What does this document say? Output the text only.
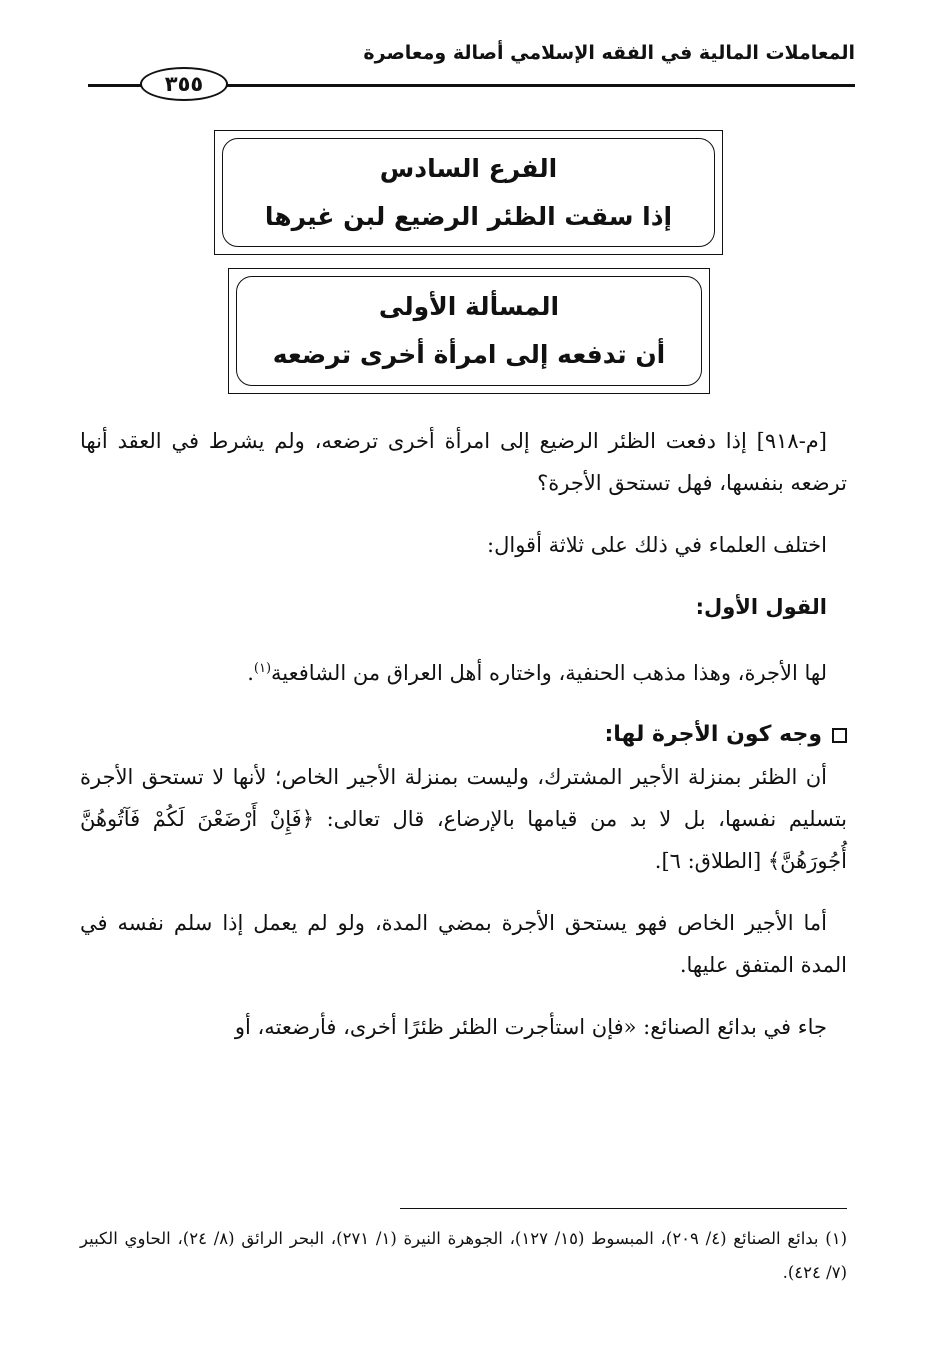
المعاملات المالية في الفقه الإسلامي أصالة ومعاصرة
٣٥٥
الفرع السادس
إذا سقت الظئر الرضيع لبن غيرها
المسألة الأولى
أن تدفعه إلى امرأة أخرى ترضعه

[م-٩١٨] إذا دفعت الظئر الرضيع إلى امرأة أخرى ترضعه، ولم يشرط في العقد أنها ترضعه بنفسها، فهل تستحق الأجرة؟

اختلف العلماء في ذلك على ثلاثة أقوال:

القول الأول:

لها الأجرة، وهذا مذهب الحنفية، واختاره أهل العراق من الشافعية$^{(١)}$.

وجه كون الأجرة لها:

أن الظئر بمنزلة الأجير المشترك، وليست بمنزلة الأجير الخاص؛ لأنها لا تستحق الأجرة بتسليم نفسها، بل لا بد من قيامها بالإرضاع، قال تعالى: ﴿فَإِنْ أَرْضَعْنَ لَكُمْ فَآتُوهُنَّ أُجُورَهُنَّ﴾ [الطلاق: ٦].

أما الأجير الخاص فهو يستحق الأجرة بمضي المدة، ولو لم يعمل إذا سلم نفسه في المدة المتفق عليها.

جاء في بدائع الصنائع: «فإن استأجرت الظئر ظئرًا أخرى، فأرضعته، أو

(١) بدائع الصنائع (٤/ ٢٠٩)، المبسوط (١٥/ ١٢٧)، الجوهرة النيرة (١/ ٢٧١)، البحر الرائق (٨/ ٢٤)، الحاوي الكبير (٧/ ٤٢٤).
